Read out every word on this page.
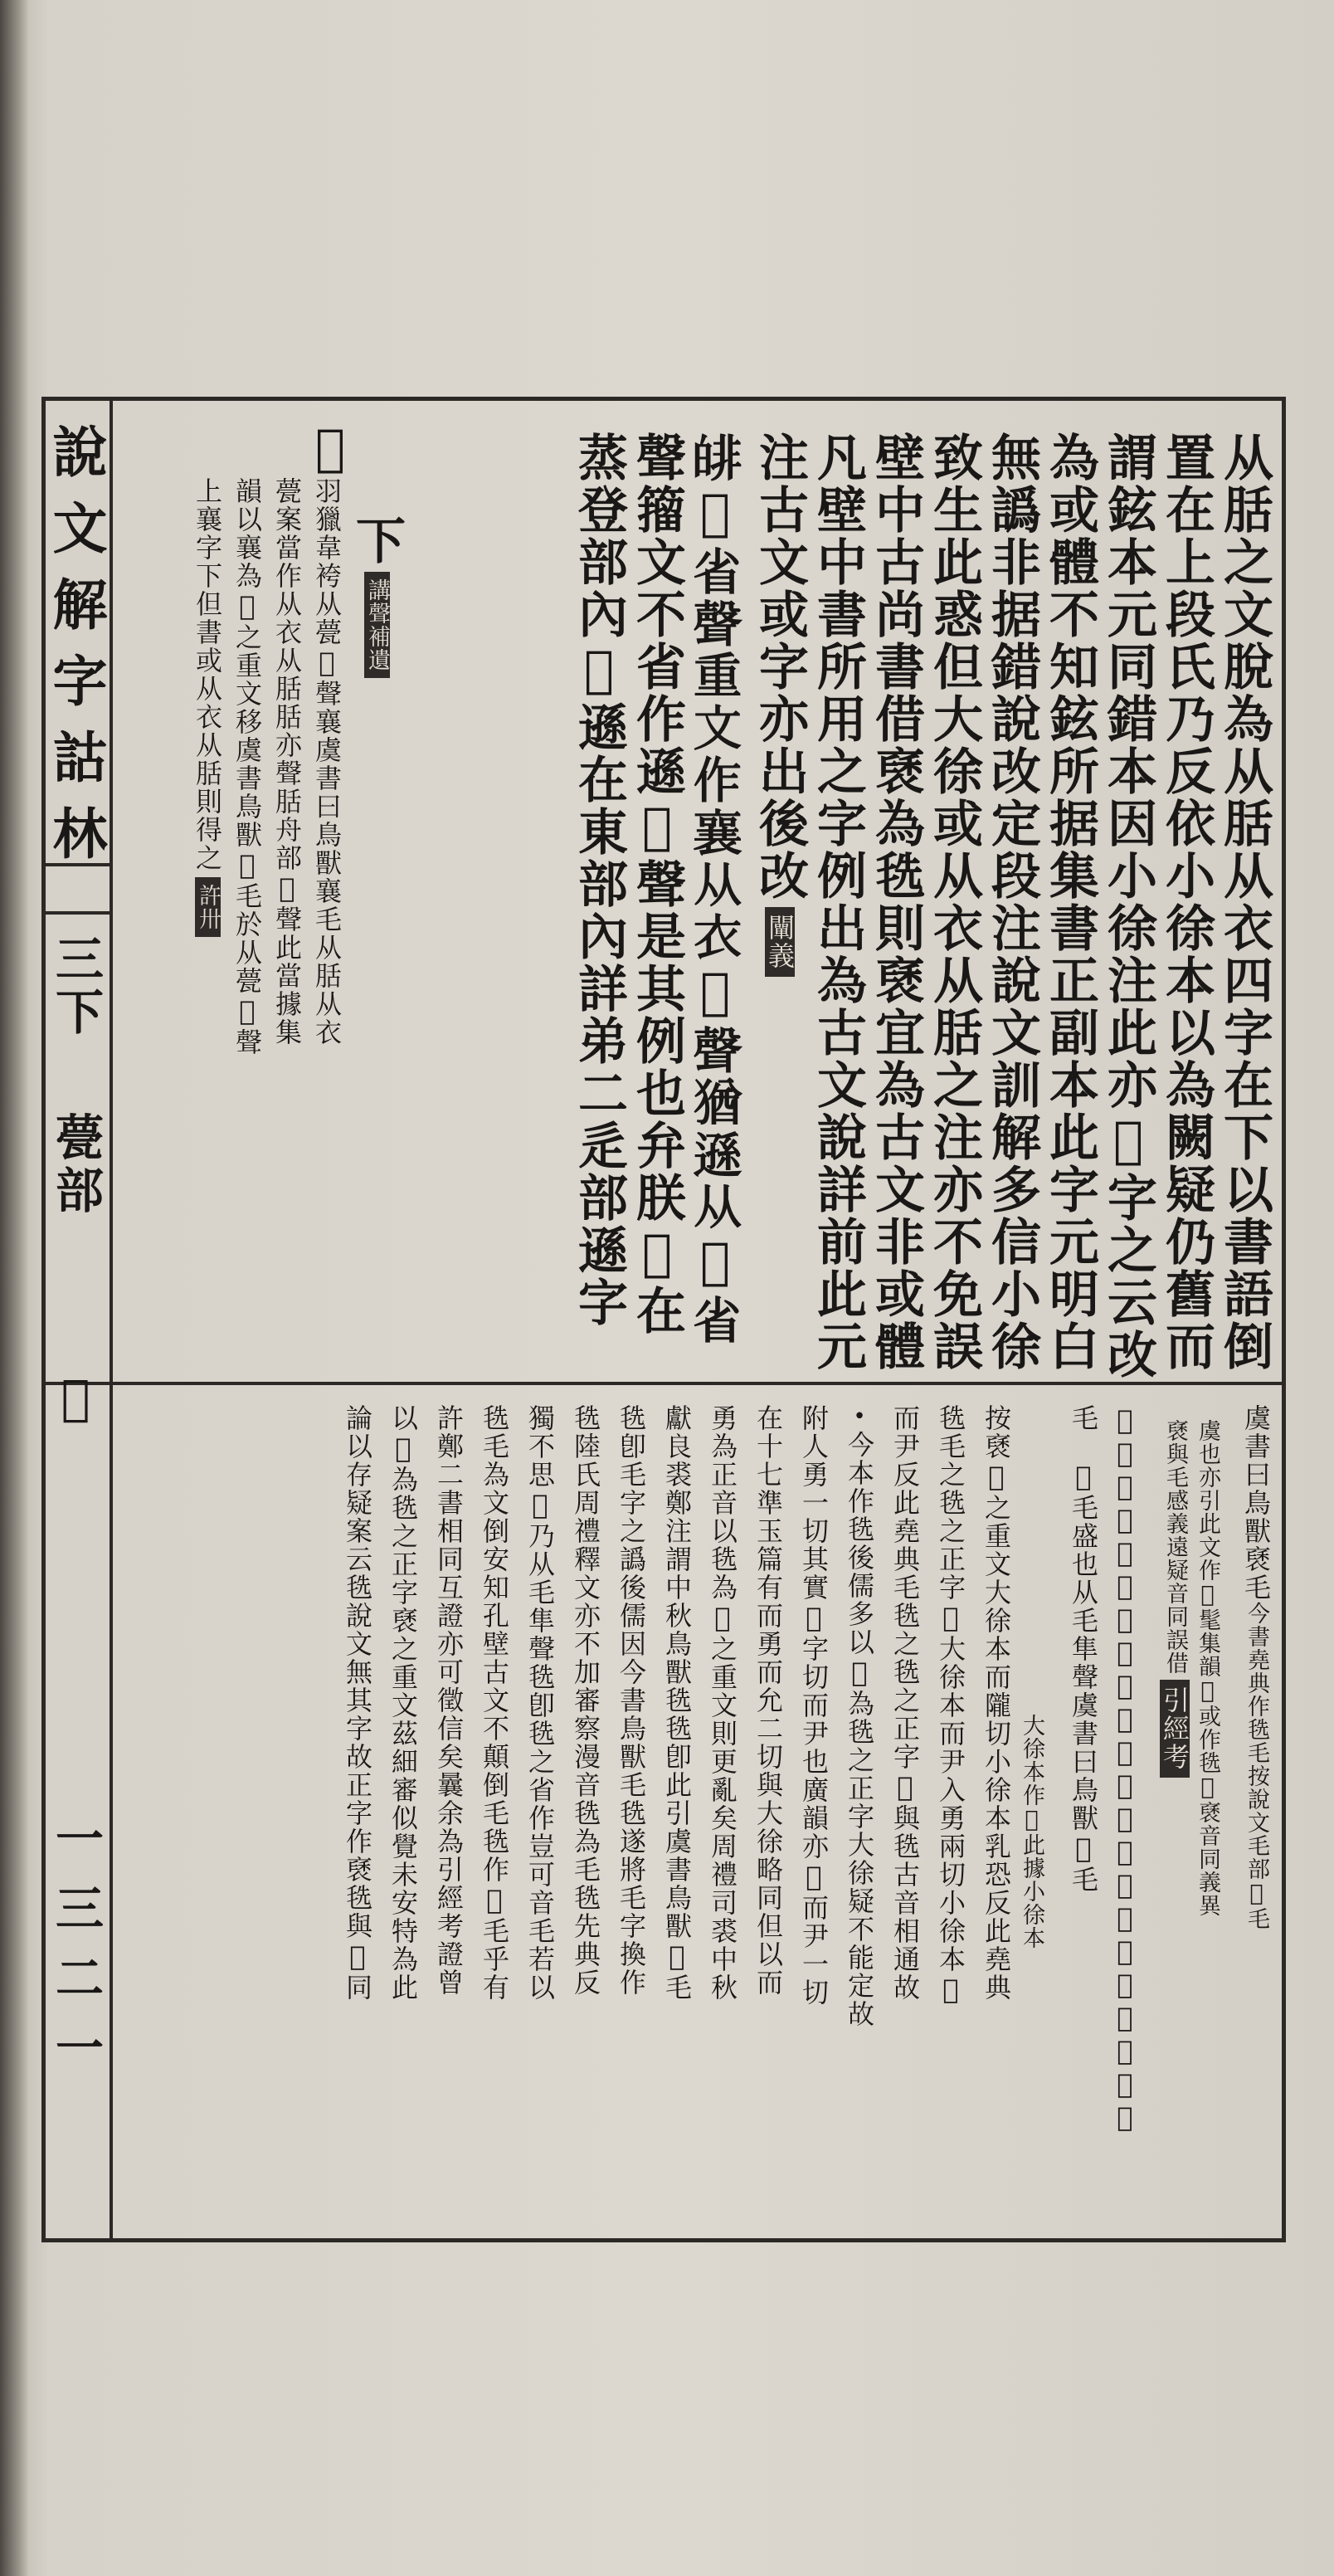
說文解字詁林
三下
甍部
𤾀
一三二一
从䏦之文脫為从䏦从衣四字在下以書語倒
置在上段氏乃反依小徐本以為闕疑仍舊而
謂鉉本元同錯本因小徐注此亦𤾀字之云改
為或體不知鉉所据集書正副本此字元明白
無譌非据錯說改定段注說文訓解多信小徐
致生此惑但大徐或从衣从䏦之注亦不免誤
壁中古尚書借褎為毨則褎宜為古文非或體
凡壁中書所用之字例出為古文說詳前此元
注古文或字亦出後改闡義
𤾅𢿃省聲重文作襄从衣𢿃聲猶遜从𢿃省
聲籀文不省作遜𢿃聲是其例也弁朕𢿃在
蒸登部內𤾀遜在東部內詳弟二辵部遜字
下講聲補遺
𤾀
羽獵韋袴从甍𢿃聲襄虞書曰鳥獸襄毛从䏦从衣
甍案當作从衣从䏦䏦亦聲䏦舟部𢿃聲此當據集
韻以襄為𤾀之重文移虞書鳥獸𤾀毛於从甍𢿃聲
上襄字下但書或从衣从䏦則得之許卅
虞書曰鳥獸褎毛今書堯典作毨毛按說文毛部𣯶毛
虞也亦引此文作𣯶髦集韻𣯶或作毨𣯶褎音同義異
褎與毛感義遠疑音同誤借引經考
𤾀羽獵韋袴从甍弁聲或从衣从朕作褎虞書曰鳥獸褎
毛　𣯶毛盛也从毛隼聲虞書曰鳥獸𣯶毛
大徐本作𤾀此據小徐本
按褎𤾀之重文大徐本而隴切小徐本乳恐反此堯典
毨毛之毨之正字𣯶大徐本而尹入勇兩切小徐本𣯶
而尹反此堯典毛毨之毨之正字𣯶與毨古音相通故
•今本作毨後儒多以𣯶為毨之正字大徐疑不能定故
附人勇一切其實𣯶字切而尹也廣韻亦𣯶而尹一切
在十七準玉篇有而勇而允二切與大徐略同但以而
勇為正音以毨為𣯶之重文則更亂矣周禮司裘中秋
獻良裘鄭注謂中秋鳥獸毨毨卽此引虞書鳥獸𣯶毛
毨卽毛字之譌後儒因今書鳥獸毛毨遂將毛字換作
毨陸氏周禮釋文亦不加審察漫音毨為毛毨先典反
獨不思𣯶乃从毛隼聲毨卽毨之省作豈可音毛若以
毨毛為文倒安知孔壁古文不顛倒毛毨作𣯶毛乎有
許鄭二書相同互證亦可徵信矣曩余為引經考證曾
以𣯶為毨之正字褎之重文茲細審似覺未安特為此
論以存疑案云毨說文無其字故正字作褎毨與𣯶同
